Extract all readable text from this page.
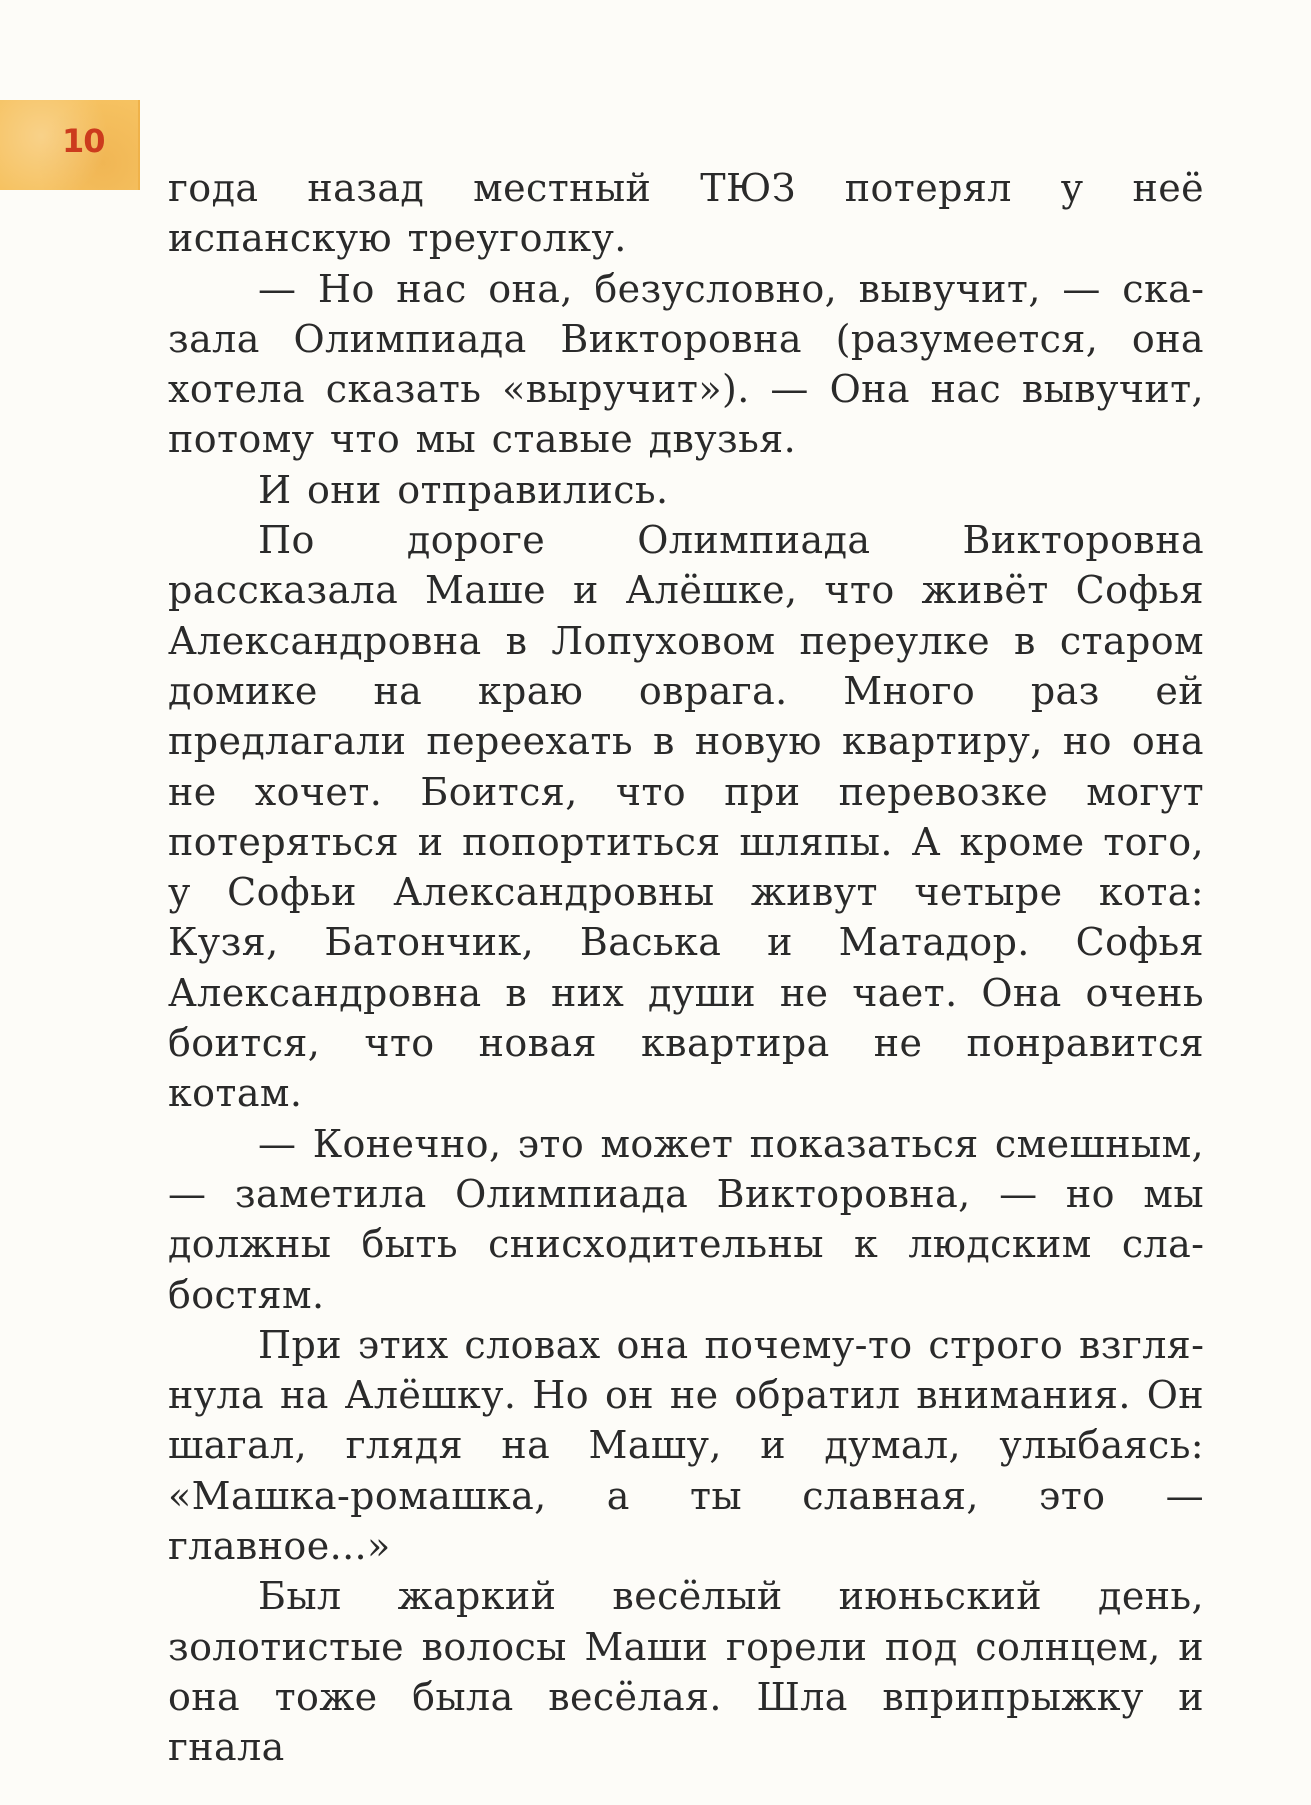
10

года назад местный ТЮЗ потерял у неё испанскую треуголку.

— Но нас она, безусловно, вывучит, — сказала Олимпиада Викторовна (разумеется, она хотела сказать «выручит»). — Она нас вывучит, потому что мы ставые двузья.

И они отправились.

По дороге Олимпиада Викторовна рассказала Маше и Алёшке, что живёт Софья Александровна в Лопуховом переулке в старом домике на краю оврага. Много раз ей предлагали переехать в новую квартиру, но она не хочет. Боится, что при перевозке могут потеряться и попортиться шляпы. А кроме того, у Софьи Александровны живут четыре кота: Кузя, Батончик, Васька и Матадор. Софья Александровна в них души не чает. Она очень боится, что новая квартира не понравится котам.

— Конечно, это может показаться смешным, — заметила Олимпиада Викторовна, — но мы должны быть снисходительны к людским слабостям.

При этих словах она почему-то строго взглянула на Алёшку. Но он не обратил внимания. Он шагал, глядя на Машу, и думал, улыбаясь: «Машка-ромашка, а ты славная, это — главное...»

Был жаркий весёлый июньский день, золотистые волосы Маши горели под солнцем, и она тоже была весёлая. Шла вприпрыжку и гнала
